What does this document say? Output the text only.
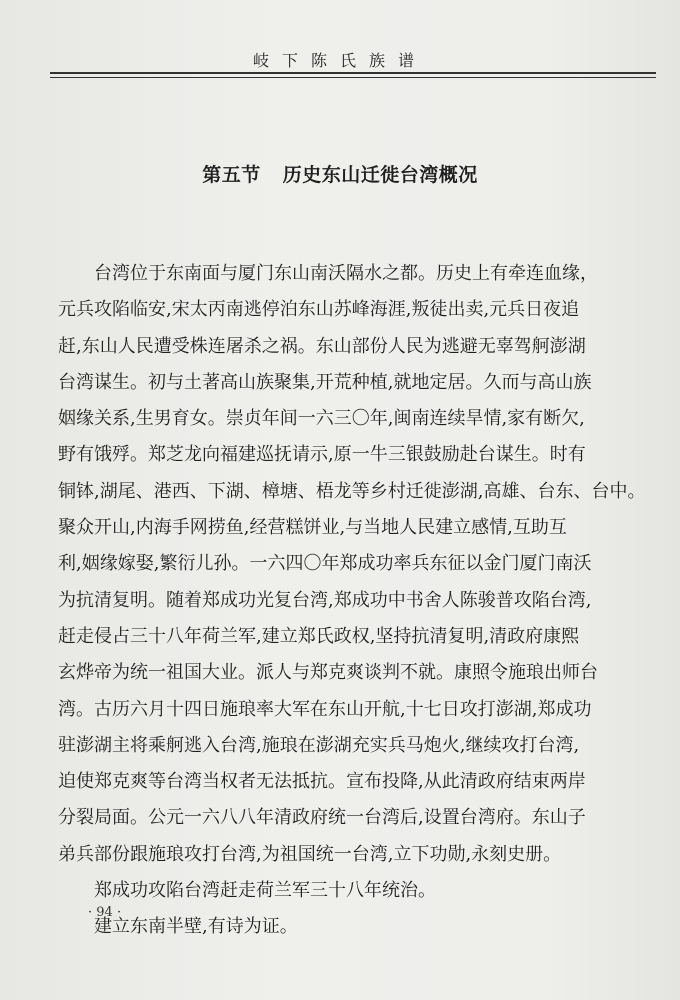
岐下陈氏族谱
第五节 历史东山迁徙台湾概况
台湾位于东南面与厦门东山南沃隔水之都。历史上有牵连血缘，
元兵攻陷临安,宋太丙南逃停泊东山苏峰海涯,叛徒出卖,元兵日夜追
赶,东山人民遭受株连屠杀之祸。东山部份人民为逃避无辜驾舸澎湖
台湾谋生。初与土著高山族聚集,开荒种植,就地定居。久而与高山族
姻缘关系,生男育女。崇贞年间一六三〇年,闽南连续旱情,家有断欠,
野有饿殍。郑芝龙向福建巡抚请示,原一牛三银鼓励赴台谋生。时有
铜钵,湖尾、港西、下湖、樟塘、梧龙等乡村迁徙澎湖,高雄、台东、台中。
聚众开山,内海手网捞鱼,经营糕饼业,与当地人民建立感情,互助互
利,姻缘嫁娶,繁衍儿孙。一六四〇年郑成功率兵东征以金门厦门南沃
为抗清复明。随着郑成功光复台湾,郑成功中书舍人陈骏普攻陷台湾,
赶走侵占三十八年荷兰军,建立郑氏政权,坚持抗清复明,清政府康熙
玄烨帝为统一祖国大业。派人与郑克爽谈判不就。康照令施琅出师台
湾。古历六月十四日施琅率大军在东山开航,十七日攻打澎湖,郑成功
驻澎湖主将乘舸逃入台湾,施琅在澎湖充实兵马炮火,继续攻打台湾,
迫使郑克爽等台湾当权者无法抵抗。宣布投降,从此清政府结束两岸
分裂局面。公元一六八八年清政府统一台湾后,设置台湾府。东山子
弟兵部份跟施琅攻打台湾,为祖国统一台湾,立下功勋,永刻史册。
郑成功攻陷台湾赶走荷兰军三十八年统治。
建立东南半壁,有诗为证。
· 94 ·
